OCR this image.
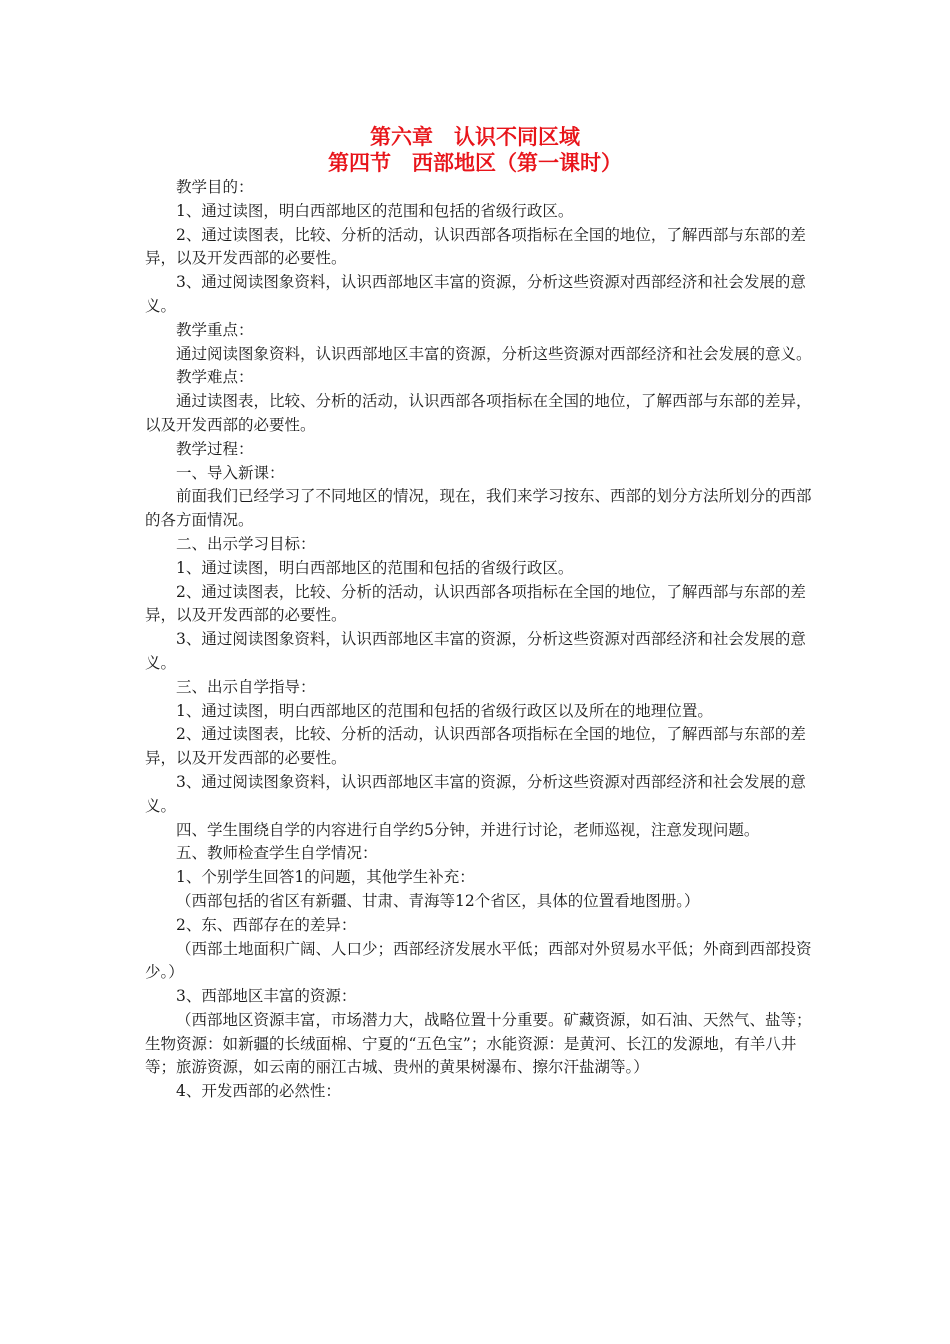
第六章　认识不同区域
第四节　西部地区（第一课时）

教学目的：

1、通过读图，明白西部地区的范围和包括的省级行政区。

2、通过读图表，比较、分析的活动，认识西部各项指标在全国的地位，了解西部与东部的差异，以及开发西部的必要性。

3、通过阅读图象资料，认识西部地区丰富的资源，分析这些资源对西部经济和社会发展的意义。

教学重点：

通过阅读图象资料，认识西部地区丰富的资源，分析这些资源对西部经济和社会发展的意义。

教学难点：

通过读图表，比较、分析的活动，认识西部各项指标在全国的地位，了解西部与东部的差异，以及开发西部的必要性。

教学过程：

一、导入新课：

前面我们已经学习了不同地区的情况，现在，我们来学习按东、西部的划分方法所划分的西部的各方面情况。

二、出示学习目标：

1、通过读图，明白西部地区的范围和包括的省级行政区。

2、通过读图表，比较、分析的活动，认识西部各项指标在全国的地位，了解西部与东部的差异，以及开发西部的必要性。

3、通过阅读图象资料，认识西部地区丰富的资源，分析这些资源对西部经济和社会发展的意义。

三、出示自学指导：

1、通过读图，明白西部地区的范围和包括的省级行政区以及所在的地理位置。

2、通过读图表，比较、分析的活动，认识西部各项指标在全国的地位，了解西部与东部的差异，以及开发西部的必要性。

3、通过阅读图象资料，认识西部地区丰富的资源，分析这些资源对西部经济和社会发展的意义。

四、学生围绕自学的内容进行自学约5分钟，并进行讨论，老师巡视，注意发现问题。

五、教师检查学生自学情况：

1、个别学生回答1的问题，其他学生补充：

（西部包括的省区有新疆、甘肃、青海等12个省区，具体的位置看地图册。）

2、东、西部存在的差异：

（西部土地面积广阔、人口少；西部经济发展水平低；西部对外贸易水平低；外商到西部投资少。）

3、西部地区丰富的资源：

（西部地区资源丰富，市场潜力大，战略位置十分重要。矿藏资源，如石油、天然气、盐等；生物资源：如新疆的长绒面棉、宁夏的“五色宝”；水能资源：是黄河、长江的发源地，有羊八井等；旅游资源，如云南的丽江古城、贵州的黄果树瀑布、擦尔汗盐湖等。）

4、开发西部的必然性：
